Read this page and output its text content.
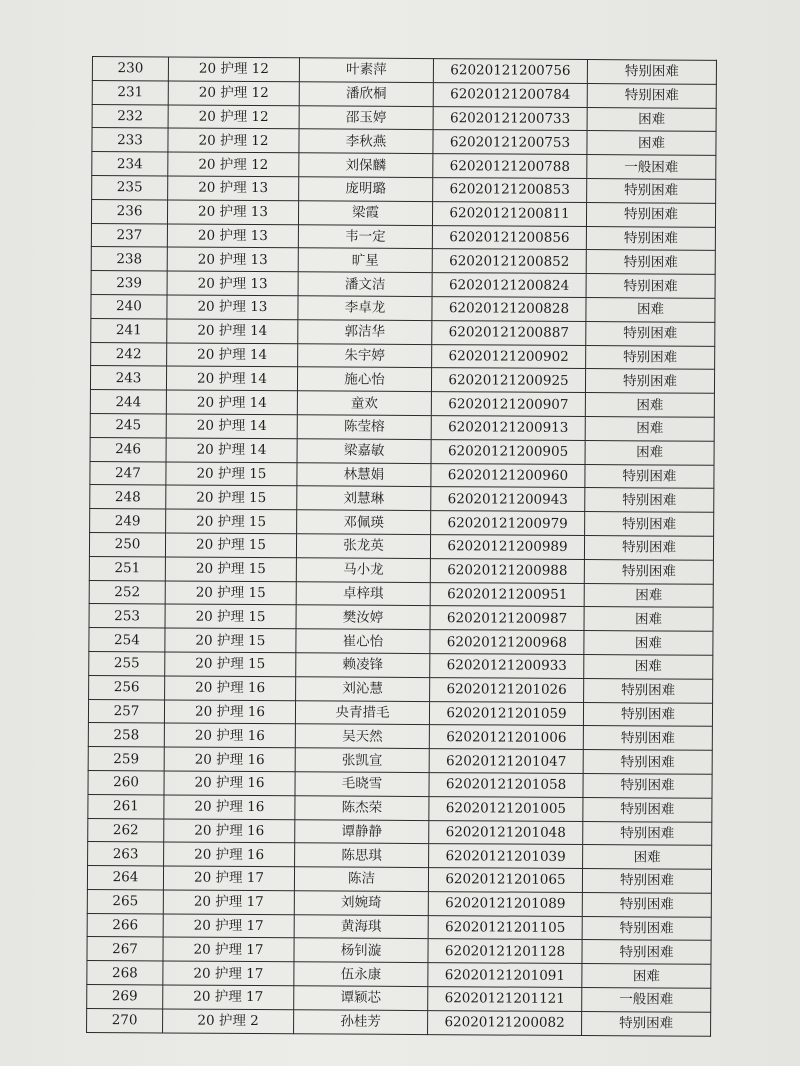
230	20 护理 12	叶素萍	62020121200756	特别困难
231	20 护理 12	潘欣桐	62020121200784	特别困难
232	20 护理 12	邵玉婷	62020121200733	困难
233	20 护理 12	李秋燕	62020121200753	困难
234	20 护理 12	刘保麟	62020121200788	一般困难
235	20 护理 13	庞明璐	62020121200853	特别困难
236	20 护理 13	梁霞	62020121200811	特别困难
237	20 护理 13	韦一定	62020121200856	特别困难
238	20 护理 13	旷星	62020121200852	特别困难
239	20 护理 13	潘文洁	62020121200824	特别困难
240	20 护理 13	李卓龙	62020121200828	困难
241	20 护理 14	郭洁华	62020121200887	特别困难
242	20 护理 14	朱宇婷	62020121200902	特别困难
243	20 护理 14	施心怡	62020121200925	特别困难
244	20 护理 14	童欢	62020121200907	困难
245	20 护理 14	陈莹榕	62020121200913	困难
246	20 护理 14	梁嘉敏	62020121200905	困难
247	20 护理 15	林慧娟	62020121200960	特别困难
248	20 护理 15	刘慧琳	62020121200943	特别困难
249	20 护理 15	邓佩瑛	62020121200979	特别困难
250	20 护理 15	张龙英	62020121200989	特别困难
251	20 护理 15	马小龙	62020121200988	特别困难
252	20 护理 15	卓梓琪	62020121200951	困难
253	20 护理 15	樊汝婷	62020121200987	困难
254	20 护理 15	崔心怡	62020121200968	困难
255	20 护理 15	赖凌锋	62020121200933	困难
256	20 护理 16	刘沁慧	62020121201026	特别困难
257	20 护理 16	央青措毛	62020121201059	特别困难
258	20 护理 16	吴天然	62020121201006	特别困难
259	20 护理 16	张凯宣	62020121201047	特别困难
260	20 护理 16	毛晓雪	62020121201058	特别困难
261	20 护理 16	陈杰荣	62020121201005	特别困难
262	20 护理 16	谭静静	62020121201048	特别困难
263	20 护理 16	陈思琪	62020121201039	困难
264	20 护理 17	陈洁	62020121201065	特别困难
265	20 护理 17	刘婉琦	62020121201089	特别困难
266	20 护理 17	黄海琪	62020121201105	特别困难
267	20 护理 17	杨钊漩	62020121201128	特别困难
268	20 护理 17	伍永康	62020121201091	困难
269	20 护理 17	谭颖芯	62020121201121	一般困难
270	20 护理 2	孙桂芳	62020121200082	特别困难
